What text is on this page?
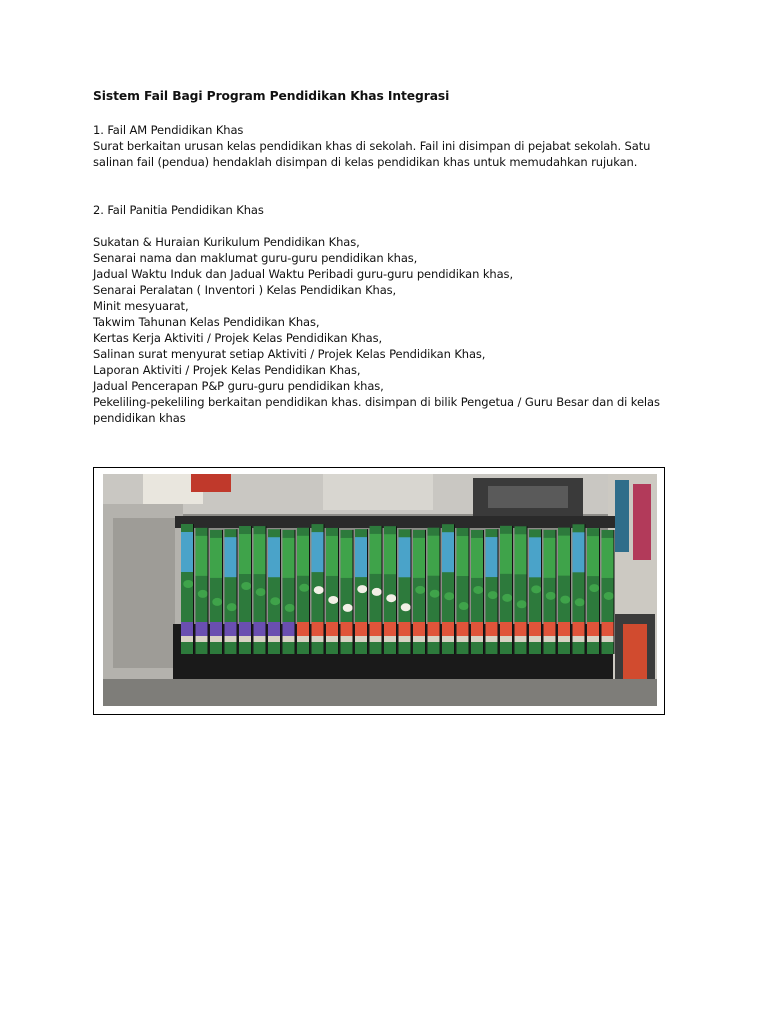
Sistem Fail Bagi Program Pendidikan Khas Integrasi

1. Fail AM Pendidikan Khas

Surat berkaitan urusan kelas pendidikan khas di sekolah. Fail ini disimpan di pejabat sekolah. Satu salinan fail (pendua) hendaklah disimpan di kelas pendidikan khas untuk memudahkan rujukan.

2. Fail Panitia Pendidikan Khas

Sukatan & Huraian Kurikulum Pendidikan Khas,

Senarai nama dan maklumat guru-guru pendidikan khas,

Jadual Waktu Induk dan Jadual Waktu Peribadi guru-guru pendidikan khas,

Senarai Peralatan ( Inventori ) Kelas Pendidikan Khas,

Minit mesyuarat,

Takwim Tahunan Kelas Pendidikan Khas,

Kertas Kerja Aktiviti / Projek Kelas Pendidikan Khas,

Salinan surat menyurat setiap Aktiviti / Projek Kelas Pendidikan Khas,

Laporan Aktiviti / Projek Kelas Pendidikan Khas,

Jadual Pencerapan P&P guru-guru pendidikan khas,

Pekeliling-pekeliling berkaitan pendidikan khas. disimpan di bilik Pengetua / Guru Besar dan di kelas pendidikan khas
